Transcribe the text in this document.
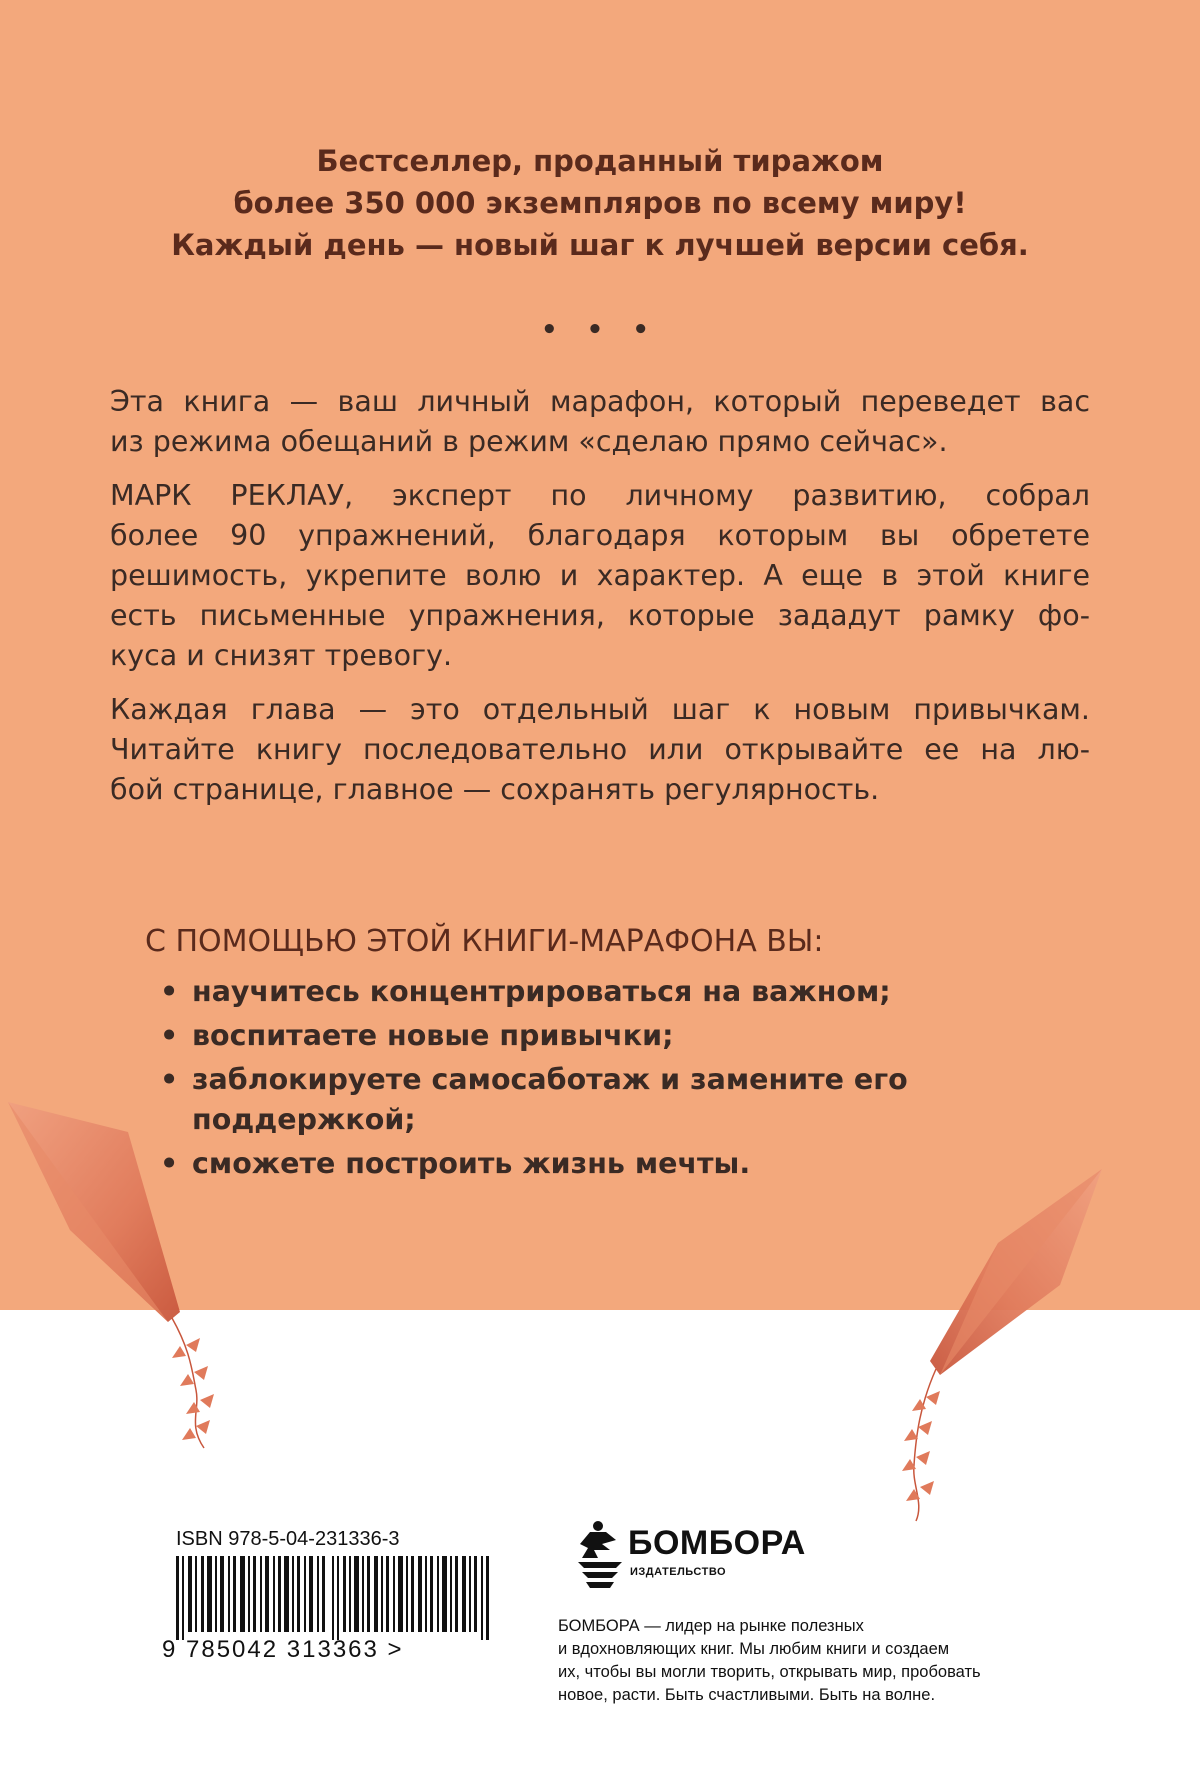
Бестселлер, проданный тиражом
более 350 000 экземпляров по всему миру!
Каждый день — новый шаг к лучшей версии себя.
• • •

Эта книга — ваш личный марафон, который переведет вас
из режима обещаний в режим «сделаю прямо сейчас».

МАРК РЕКЛАУ, эксперт по личному развитию, собрал
более 90 упражнений, благодаря которым вы обретете
решимость, укрепите волю и характер. А еще в этой книге
есть письменные упражнения, которые зададут рамку фо-
куса и снизят тревогу.

Каждая глава — это отдельный шаг к новым привычкам.
Читайте книгу последовательно или открывайте ее на лю-
бой странице, главное — сохранять регулярность.

С ПОМОЩЬЮ ЭТОЙ КНИГИ-МАРАФОНА ВЫ:
• научитесь концентрироваться на важном;
• воспитаете новые привычки;
• заблокируете самосаботаж и замените его
поддержкой;
• сможете построить жизнь мечты.
ISBN 978-5-04-231336-3
9 785042 313363 >
БОМБОРА
ИЗДАТЕЛЬСТВО
БОМБОРА — лидер на рынке полезных
и вдохновляющих книг. Мы любим книги и создаем
их, чтобы вы могли творить, открывать мир, пробовать
новое, расти. Быть счастливыми. Быть на волне.
